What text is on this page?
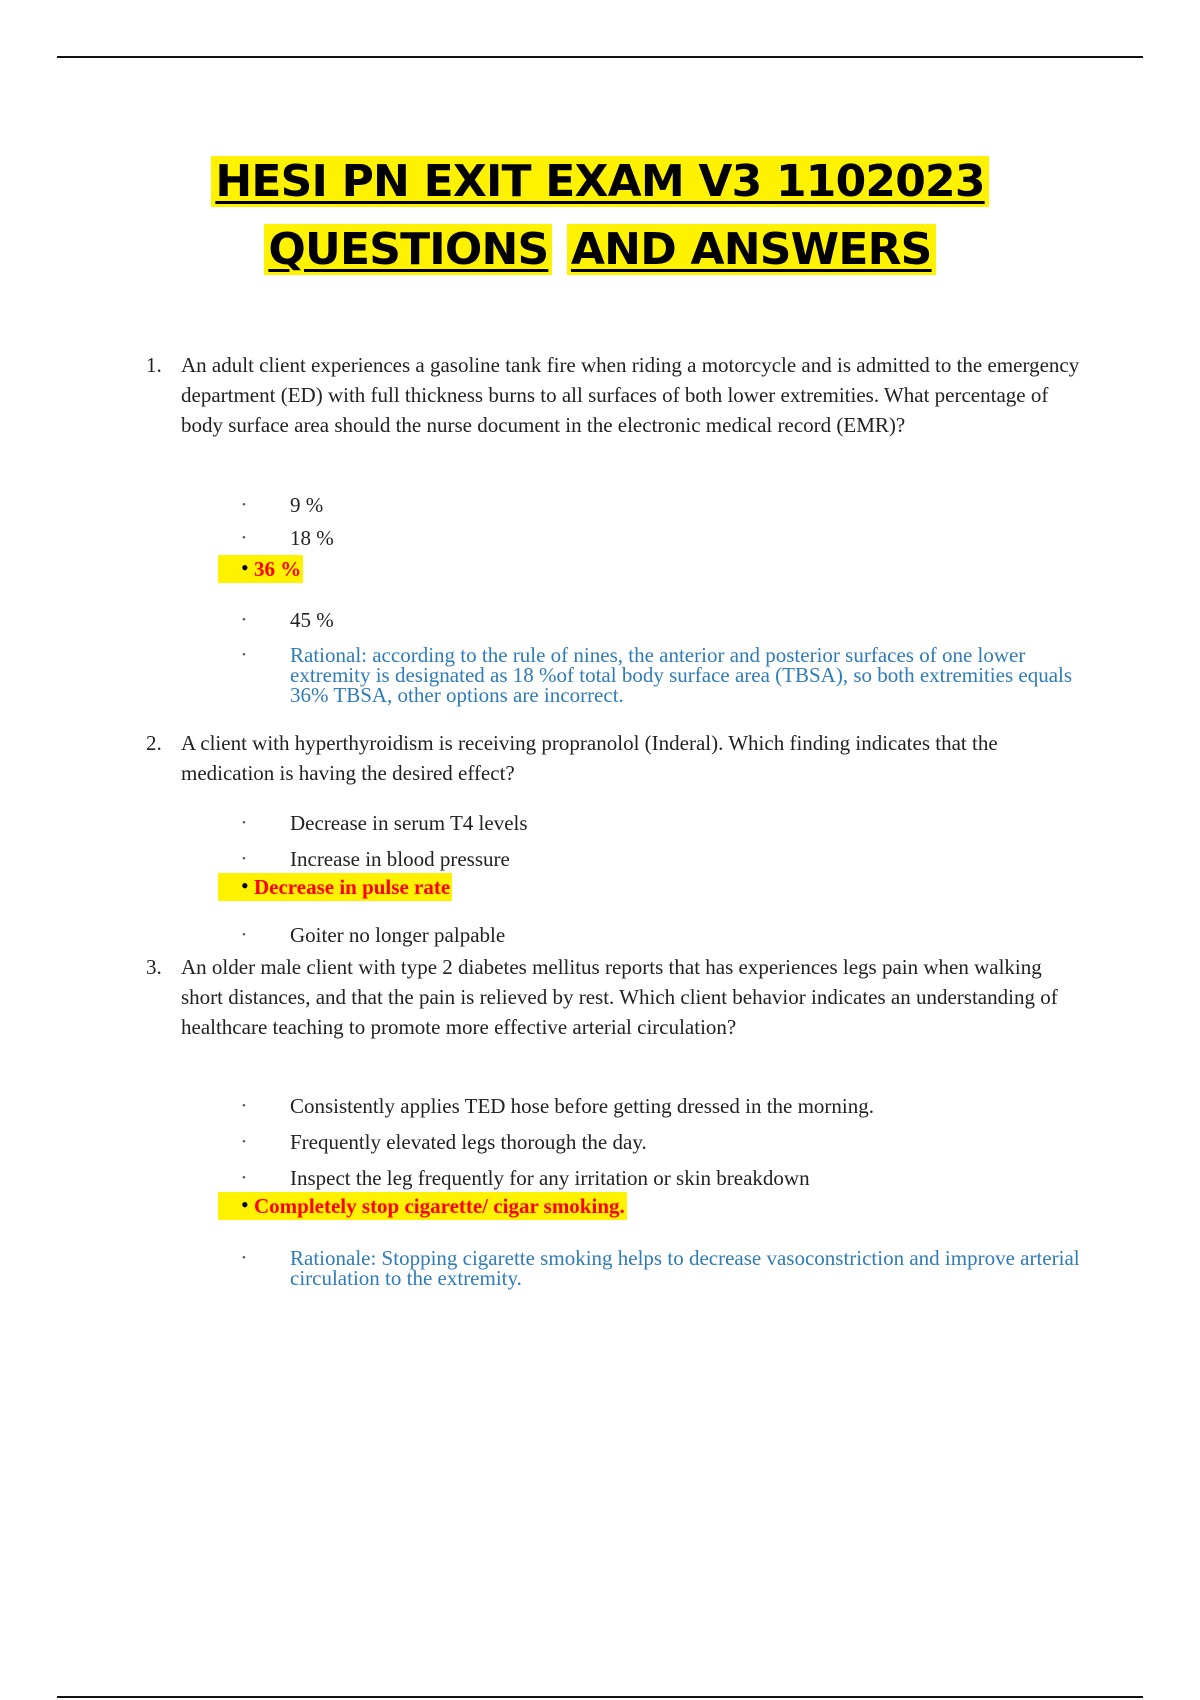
HESI PN EXIT EXAM V3 1102023
QUESTIONS AND ANSWERS
1. An adult client experiences a gasoline tank fire when riding a motorcycle and is admitted to the emergency department (ED) with full thickness burns to all surfaces of both lower extremities. What percentage of body surface area should the nurse document in the electronic medical record (EMR)?
• 9 %
• 18 %
• 36 %
• 45 %
• Rational: according to the rule of nines, the anterior and posterior surfaces of one lower extremity is designated as 18 %of total body surface area (TBSA), so both extremities equals 36% TBSA, other options are incorrect.
2. A client with hyperthyroidism is receiving propranolol (Inderal). Which finding indicates that the medication is having the desired effect?
• Decrease in serum T4 levels
• Increase in blood pressure
• Decrease in pulse rate
• Goiter no longer palpable
3. An older male client with type 2 diabetes mellitus reports that has experiences legs pain when walking short distances, and that the pain is relieved by rest. Which client behavior indicates an understanding of healthcare teaching to promote more effective arterial circulation?
• Consistently applies TED hose before getting dressed in the morning.
• Frequently elevated legs thorough the day.
• Inspect the leg frequently for any irritation or skin breakdown
• Completely stop cigarette/ cigar smoking.
• Rationale: Stopping cigarette smoking helps to decrease vasoconstriction and improve arterial circulation to the extremity.
